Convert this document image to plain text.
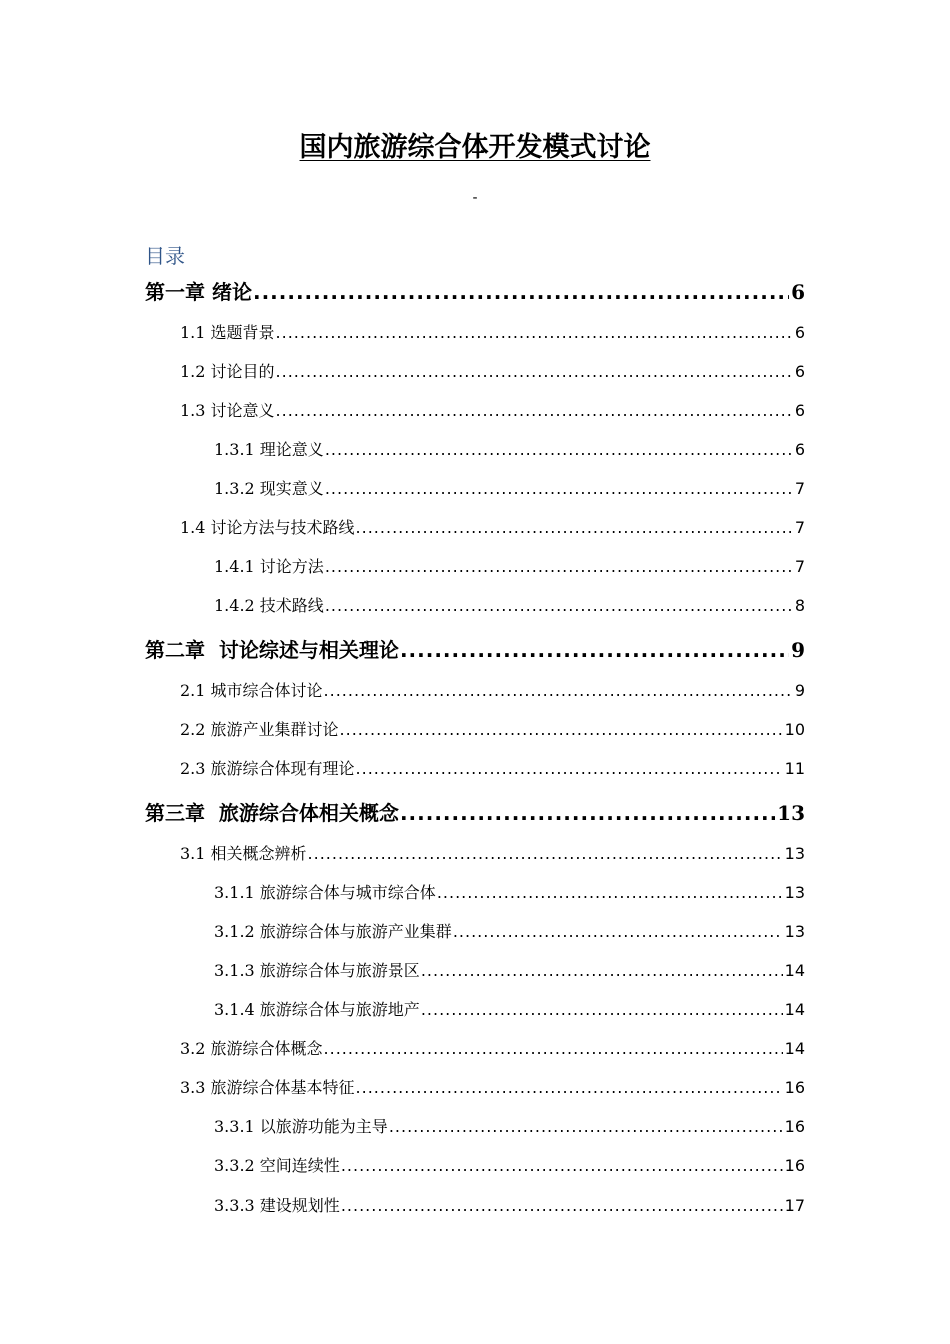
国内旅游综合体开发模式讨论
-
目录
第一章 绪论 .....	6
1.1 选题背景 .....	6
1.2 讨论目的 .....	6
1.3 讨论意义 .....	6
1.3.1 理论意义 .....	6
1.3.2 现实意义 .....	7
1.4 讨论方法与技术路线 .....	7
1.4.1 讨论方法 .....	7
1.4.2 技术路线 .....	8
第二章 讨论综述与相关理论 .....	9
2.1 城市综合体讨论 .....	9
2.2 旅游产业集群讨论 .....	10
2.3 旅游综合体现有理论 .....	11
第三章 旅游综合体相关概念 .....	13
3.1 相关概念辨析 .....	13
3.1.1 旅游综合体与城市综合体 .....	13
3.1.2 旅游综合体与旅游产业集群 .....	13
3.1.3 旅游综合体与旅游景区 .....	14
3.1.4 旅游综合体与旅游地产 .....	14
3.2 旅游综合体概念 .....	14
3.3 旅游综合体基本特征 .....	16
3.3.1 以旅游功能为主导 .....	16
3.3.2 空间连续性 .....	16
3.3.3 建设规划性 .....	17
